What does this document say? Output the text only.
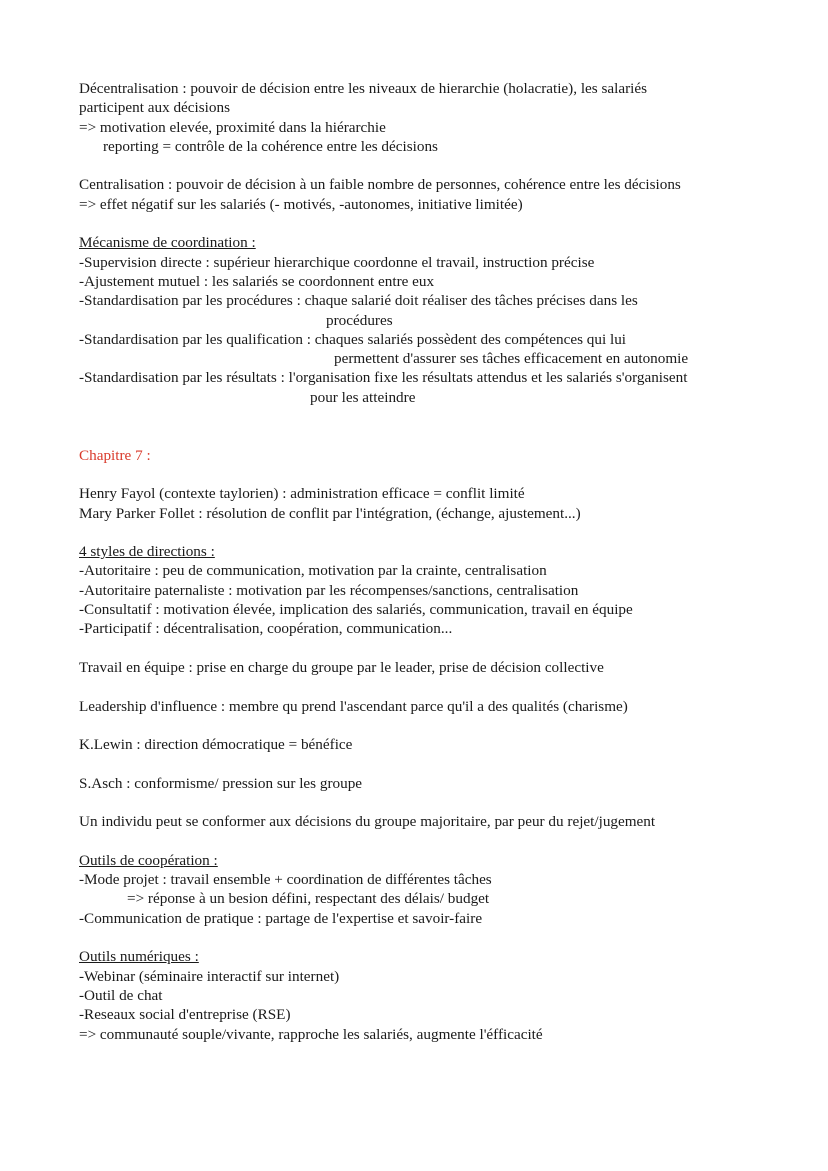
Décentralisation : pouvoir de décision entre les niveaux de hierarchie (holacratie), les salariés
participent aux décisions
=> motivation elevée, proximité dans la hiérarchie
reporting = contrôle de la cohérence entre les décisions
Centralisation : pouvoir de décision à un faible nombre de personnes, cohérence entre les décisions
=> effet négatif sur les salariés (- motivés, -autonomes, initiative limitée)
Mécanisme de coordination :
-Supervision directe : supérieur hierarchique coordonne el travail, instruction précise
-Ajustement mutuel : les salariés se coordonnent entre eux
-Standardisation par les procédures : chaque salarié doit réaliser des tâches précises dans les
procédures
-Standardisation par les qualification : chaques salariés possèdent des compétences qui lui
permettent d'assurer ses tâches efficacement en autonomie
-Standardisation par les résultats : l'organisation fixe les résultats attendus et les salariés s'organisent
pour les atteindre
Chapitre 7 :
Henry Fayol (contexte taylorien) : administration efficace = conflit limité
Mary Parker Follet : résolution de conflit par l'intégration, (échange, ajustement...)
4 styles de directions :
-Autoritaire : peu de communication, motivation par la crainte, centralisation
-Autoritaire paternaliste : motivation par les récompenses/sanctions, centralisation
-Consultatif : motivation élevée, implication des salariés, communication, travail en équipe
-Participatif : décentralisation, coopération, communication...
Travail en équipe : prise en charge du groupe par le leader, prise de décision collective
Leadership d'influence : membre qu prend l'ascendant parce qu'il a des qualités (charisme)
K.Lewin : direction démocratique = bénéfice
S.Asch : conformisme/ pression sur les groupe
Un individu peut se conformer aux décisions du groupe majoritaire, par peur du rejet/jugement
Outils de coopération :
-Mode projet : travail ensemble + coordination de différentes tâches
=> réponse à un besion défini, respectant des délais/ budget
-Communication de pratique : partage de l'expertise et savoir-faire
Outils numériques :
-Webinar (séminaire interactif sur internet)
-Outil de chat
-Reseaux social d'entreprise (RSE)
=> communauté souple/vivante, rapproche les salariés, augmente l'éfficacité
